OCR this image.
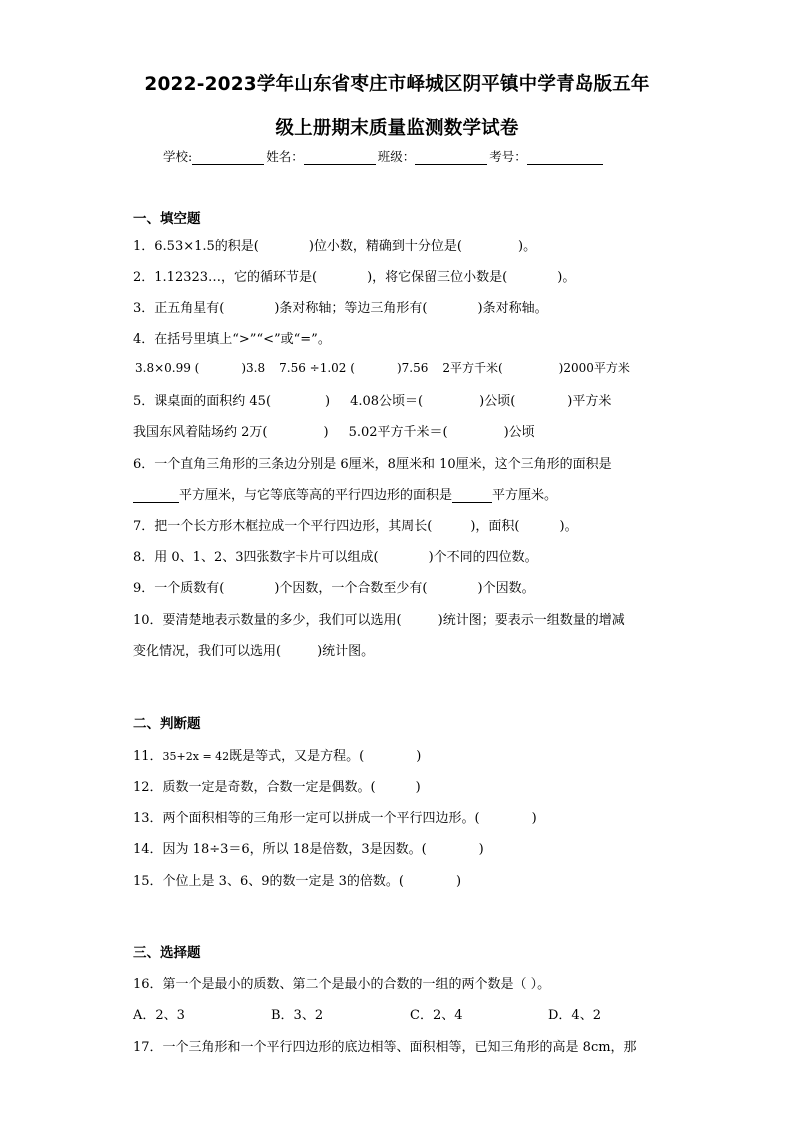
2022-2023学年山东省枣庄市峄城区阴平镇中学青岛版五年
级上册期末质量监测数学试卷
学校:	姓名：	班级：	考号：
一、填空题
1．6.53×1.5的积是(	)位小数，精确到十分位是(	)。
2．1.12323…，它的循环节是(	)，将它保留三位小数是(	)。
3．正五角星有(	)条对称轴；等边三角形有(	)条对称轴。
4．在括号里填上“>”“<”或“=”。
3.8×0.99 (	)3.8 7.56 ÷1.02 (	)7.56 2平方千米(	)2000平方米
5．课桌面的面积约 45(	) 4.08公顷＝(	)公顷(	)平方米
我国东风着陆场约 2万(	) 5.02平方千米＝(	)公顷
6．一个直角三角形的三条边分别是 6厘米，8厘米和 10厘米，这个三角形的面积是
平方厘米，与它等底等高的平行四边形的面积是	平方厘米。
7．把一个长方形木框拉成一个平行四边形，其周长(	)，面积(	)。
8．用 0、1、2、3四张数字卡片可以组成(	)个不同的四位数。
9．一个质数有(	)个因数，一个合数至少有(	)个因数。
10．要清楚地表示数量的多少，我们可以选用(	)统计图；要表示一组数量的增减
变化情况，我们可以选用(	)统计图。
二、判断题
11．35+2x = 42既是等式，又是方程。(	)
12．质数一定是奇数，合数一定是偶数。(	)
13．两个面积相等的三角形一定可以拼成一个平行四边形。(	)
14．因为 18÷3＝6，所以 18是倍数，3是因数。(	)
15．个位上是 3、6、9的数一定是 3的倍数。(	)
三、选择题
16．第一个是最小的质数、第二个是最小的合数的一组的两个数是（ ）。
A．2、3	B．3、2	C．2、4	D．4、2
17．一个三角形和一个平行四边形的底边相等、面积相等，已知三角形的高是 8cm，那
